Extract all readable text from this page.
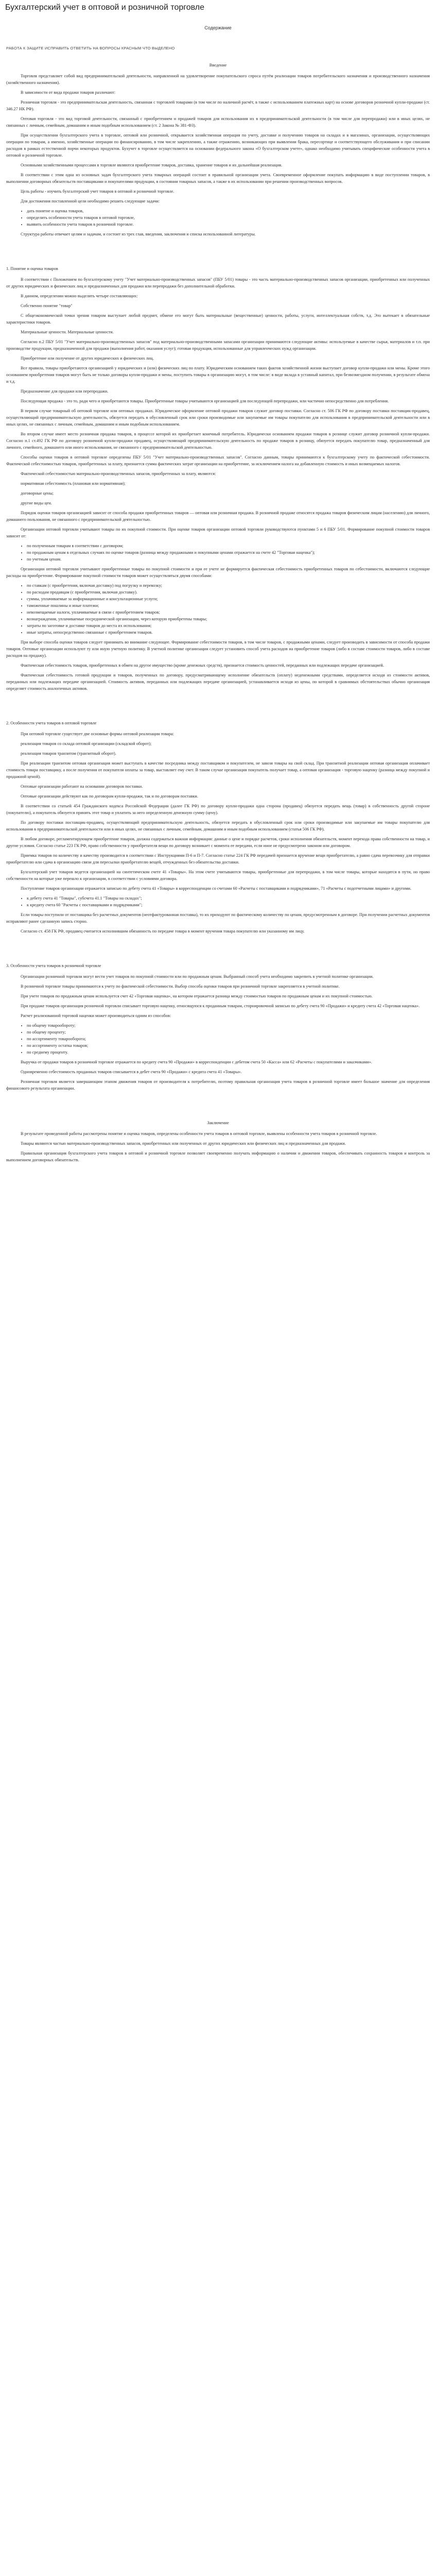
Бухгалтерский учет в оптовой и розничной торговле
Содержание
РАБОТА К ЗАЩИТЕ ИСПРАВИТЬ ОТВЕТИТЬ НА ВОПРОСЫ КРАСНЫМ ЧТО ВЫДЕЛЕНО

Введение

Торговля представляет собой вид предпринимательской деятельности, направленной на удовлетворение покупательского спроса путём реализации товаров потребительского назначения и производственного назначения (хозяйственного назначения).

В зависимости от вида продажи товаров различают:

Розничная торговля - это предпринимательская деятельность, связанная с торговлей товарами (в том числе по наличной расчёт, в также с использованием платежных карт) на основе договоров розничной купли-продажи (ст. 346.27 НК РФ).

Оптовая торговля - это вид торговой деятельности, связанный с приобретением и продажей товаров для использования их в предпринимательской деятельности (в том числе для перепродажи) или в иных целях, не связанных с личным, семейным, домашним и иным подобным использованием (ст. 2 Закона № 381-ФЗ).

При осуществлении бухгалтерского учета в торговле, оптовой или розничной, открывается хозяйственная операция по учету, доставке и получению товаров на складах и в магазинах, организации, осуществляющих операции по товарам, а именно, хозяйственные операции по финансированию, в том числе закреплению, а также отражению, возникающих при выявлении брака, пересортице и соответствующего обслуживания и при списании расходов в рамках естественной порчи некоторых продуктов. Бухучет в торговле осуществляется на основании федерального закона «О бухгалтерском учете», однако необходимо учитывать специфические особенности учета в оптовой и розничной торговле.

Основными хозяйственными процессами в торговле являются приобретение товаров, доставка, хранение товаров и их дальнейшая реализация.

В соответствии с этим одна из основных задач бухгалтерского учета товарных операций состоит в правильной организации учета. Своевременное оформление покупать информацию в виде поступлении товаров, в выполнении договорных обязательств поставщиками и покупателями продукции, в состоянии товарных запасов, а также в их использовании при решении производственных вопросов.

Цель работы - изучить бухгалтерский учет товаров в оптовой и розничной торговле.

Для достижения поставленной цели необходимо решить следующие задачи:

• дать понятие и оценка товаров,
• определить особенности учета товаров в оптовой торговле,
• выявить особенности учета товаров в розничной торговле.

Структура работы отвечает целям и задачам, и состоит из трех глав, введения, заключения и списка использованной литературы.

1. Понятие и оценка товаров

В соответствии с Положением по бухгалтерскому учету "Учет материально-производственных запасов" (ПБУ 5/01) товары - это часть материально-производственных запасов организации, приобретенных или полученных от других юридических и физических лиц и предназначенных для продажи или перепродажи без дополнительной обработки.

В данном, определении можно выделить четыре составляющих:

Собственно понятие "товар"

С общеэкономической точки зрения товаром выступает любой предмет, обмене его могут быть материальные (вещественные) ценности, работы, услуги, интеллектуальная собств, т.д. Это вытекает в обязательные характеристики товаров.

Материальные ценности. Материальные ценности.

Согласно п.2 ПБУ 5/01 "Учет материально-производственных запасов" под материально-производственными запасами организации принимаются следующие активы: используемые в качестве сырья, материалов и т.п. при производстве продукции, предназначенной для продажи (выполнения работ, оказания услуг); готовая продукция, использованные для управленческих нужд организации.

Приобретение или получение от других юридических и физических лиц.

Все правила, товары приобретаются организацией у юридических и (или) физических лиц по плату. Юридическим основанием таких фактов хозяйственной жизни выступает договор купли-продажи или мены. Кроме этого основанием приобретения товаров могут быть не только договоры купли-продажи и мены, поступить товары в организацию могут, в том числе: в виде вклада в уставный капитал, при безвозмездном получении, в результате обмена и т.д.

Предназначение для продажи или перепродажи.

Последующая продажа - это то, ради чего и приобретаются товары. Приобретенные товары учитываются организацией для последующей перепродажи, или частично непосредственно для потребления.

В первом случае товарный об оптовой торговле или оптовых продажах. Юридическое оформление оптовой продажи товаров служит договор поставки. Согласно ст. 506 ГК РФ по договору поставки поставщик-продавец, осуществляющий предпринимательскую деятельность, обязуется передать в обусловленный срок или сроки производимые или закупаемые им товары покупателю для использования в предпринимательской деятельности или в иных целях, не связанных с личным, семейным, домашним и иным подобным использованием.

Во втором случае имеет место розничная продажа товаров, в процессе которой их приобретает конечный потребитель. Юридически основанием продажи товаров в рознице служит договор розничной купли-продажи. Согласно п.1 ст.492 ГК РФ по договору розничной купли-продажи продавец, осуществляющий предпринимательскую деятельность по продаже товаров в розницу, обязуется передать покупателю товар, предназначенный для личного, семейного, домашнего или иного использования, не связанного с предпринимательской деятельностью.

Способы оценки товаров в оптовой торговле определены ПБУ 5/01 "Учет материально-производственных запасов". Согласно данным, товары принимаются к бухгалтерскому учету по фактической себестоимости. Фактической себестоимостью товаров, приобретенных за плату, признается сумма фактических затрат организации на приобретение, за исключением налога на добавленную стоимость и иных возмещаемых налогов.

Фактической себестоимостью материально-производственных запасов, приобретенных за плату, являются:

нормативная себестоимость (плановая или нормативная);

договорные цены;

другие виды цен.

Порядок оценки товаров организацией зависит от способа продажи приобретенных товаров — оптовая или розничная продажа. В розничной продаже относятся продажа товаров физическим лицам (населению) для личного, домашнего пользования, не связанного с предпринимательской деятельностью.

Организации оптовой торговли учитывают товары по их покупной стоимости. При оценке товаров организации оптовой торговли руководствуются пунктами 5 и 6 ПБУ 5/01. Формирование покупной стоимости товаров зависит от:

• по полученным товарам в соответствии с договором;
• по продажным ценам в отдельных случаях по оценке товаров (разница между продажными и покупными ценами отражается на счете 42 "Торговая наценка");
• по учетным ценам.

Организации оптовой торговли учитывают приобретенные товары по покупной стоимости и при ее учете не формируется фактическая себестоимость приобретенных товаров по себестоимости, включаются следующие расходы на приобретение. Формирование покупной стоимости товаров может осуществляться двумя способами:

• по ставкам (с приобретения, включая доставку) под погрузку и перевозку;
• по расходам продавцам (с приобретения, включая доставку).
• суммы, уплачиваемые за информационные и консультационные услуги;
• таможенные пошлины и иные платежи;
• невозмещаемые налоги, уплачиваемые в связи с приобретением товаров;
• вознаграждения, уплачиваемые посреднической организации, через которую приобретены товары;
• затраты по заготовке и доставке товаров до места их использования;
• иные затраты, непосредственно связанные с приобретением товаров.

При выборе способа оценки товаров следует принимать во внимание следующее. Формирование себестоимости товаров, в том числе товаров, с продажными ценами, следует производить в зависимости от способа продажи товаров. Оптовые организации используют ту или иную учетную политику. В учетной политике организации следует установить способ учета расходов на приобретение товаров (либо в составе стоимости товаров, либо в составе расходов на продажу).

Фактическая себестоимость товаров, приобретенных в обмен на другое имущество (кроме денежных средств), признается стоимость ценностей, переданных или подлежащих передаче организацией.

Фактическая себестоимость готовой продукции и товаров, полученных по договору, предусматривающему исполнение обязательств (оплату) неденежными средствами, определяется исходя из стоимости активов, переданных или подлежащих передаче организацией. Стоимость активов, переданных или подлежащих передаче организацией, устанавливается исходя из цены, по которой в сравнимых обстоятельствах обычно организация определяет стоимость аналогичных активов.

2. Особенности учета товаров в оптовой торговле

При оптовой торговле существует две основные формы оптовой реализации товара:

реализация товаров со склада оптовой организации (складской оборот);

реализация товаров транзитом (транзитный оборот).

При реализации транзитом оптовая организация может выступать в качестве посредника между поставщиком и покупателем, не завозя товары на свой склад. При транзитной реализации оптовая организация оплачивает стоимость товара поставщику, а после получения от покупателя оплаты за товар, выставляет ему счет. В таком случае организация покупатель получает товар, а оптовая организация - торговую наценку (разница между покупной и продажной ценой).

Оптовые организации работают на основании договоров поставки.

Оптовые организации действуют как по договорам купли-продажи, так и по договорам поставки.

В соответствии со статьей 454 Гражданского кодекса Российской Федерации (далее ГК РФ) по договору купли-продажи одна сторона (продавец) обязуется передать вещь (товар) в собственность другой стороне (покупателю), а покупатель обязуется принять этот товар и уплатить за него определенную денежную сумму (цену).

По договору поставки поставщик-продавец, осуществляющий предпринимательскую деятельность, обязуется передать в обусловленный срок или сроки производимые или закупаемые им товары покупателю для использования в предпринимательской деятельности или в иных целях, не связанных с личным, семейным, домашним и иным подобным использованием (статья 506 ГК РФ).

В любом договоре, регламентирующем приобретение товаров, должна содержаться важная информация: данные о цене и порядке расчетов, сроки исполнения обязательств, момент перехода права собственности на товар, и другие условия. Согласно статье 223 ГК РФ, право собственности у приобретателя вещи по договору возникает с момента ее передачи, если иное не предусмотрено законом или договором.

Приемка товаров по количеству и качеству производится в соответствии с Инструкциями П-6 и П-7. Согласно статье 224 ГК РФ передачей признается вручение вещи приобретателю, а равно сдача перевозчику для отправки приобретателю или сдача в организацию связи для пересылки приобретателю вещей, отчужденных без обязательства доставки.

Бухгалтерский учет товаров ведется организацией на синтетическом счете 41 «Товары». На этом счете учитываются товары, приобретенные для перепродажи, в том числе товары, которые находятся в пути, но право собственности на которые уже перешло к организации, в соответствии с условиями договора.

Поступление товаров организации отражается записью по дебету счета 41 «Товары» в корреспонденции со счетами 60 «Расчеты с поставщиками и подрядчиками», 71 «Расчеты с подотчетными лицами» и другими.

• к дебету счета 41 "Товары", субсчета 41.1 "Товары на складах";
• к кредиту счета 60 "Расчеты с поставщиками и подрядчиками";

Если товары поступили от поставщика без расчетных документов (неотфактурованная поставка), то их приходуют по фактическому количеству по ценам, предусмотренным в договоре. При получении расчетных документов исправляют ранее сделанную запись сторно.

Согласно ст. 458 ГК РФ, продавец считается исполнившим обязанность по передаче товара в момент вручения товара покупателю или указанному им лицу.

3. Особенности учета товаров в розничной торговле

Организации розничной торговли могут вести учет товаров по покупной стоимости или по продажным ценам. Выбранный способ учета необходимо закрепить в учетной политике организации.

В розничной торговле товары принимаются к учету по фактической себестоимости. Выбор способа оценки товаров при розничной торговле закрепляется в учетной политике.

При учете товаров по продажным ценам используется счет 42 «Торговая наценка», на котором отражается разница между стоимостью товаров по продажным ценам и их покупной стоимостью.

При продаже товаров организация розничной торговли списывает торговую наценку, относящуюся к проданным товарам, сторнировочной записью по дебету счета 90 «Продажи» и кредиту счета 42 «Торговая наценка».

Расчет реализованной торговой наценки может производиться одним из способов:

• по общему товарообороту;
• по общему проценту;
• по ассортименту товарооборота;
• по ассортименту остатка товаров;
• по среднему проценту.

Выручка от продажи товаров в розничной торговле отражается по кредиту счета 90 «Продажи» в корреспонденции с дебетом счета 50 «Касса» или 62 «Расчеты с покупателями и заказчиками».

Одновременно себестоимость проданных товаров списывается в дебет счета 90 «Продажи» с кредита счета 41 «Товары».

Розничная торговля является завершающим этапом движения товаров от производителя к потребителю, поэтому правильная организация учета товаров в розничной торговле имеет большое значение для определения финансового результата организации.

Заключение

В результате проведенной работы рассмотрены понятие и оценка товаров, определены особенности учета товаров в оптовой торговле, выявлены особенности учета товаров в розничной торговле.

Товары являются частью материально-производственных запасов, приобретенных или полученных от других юридических или физических лиц и предназначенных для продажи.

Правильная организация бухгалтерского учета товаров в оптовой и розничной торговле позволяет своевременно получать информацию о наличии и движении товаров, обеспечивать сохранность товаров и контроль за выполнением договорных обязательств.
